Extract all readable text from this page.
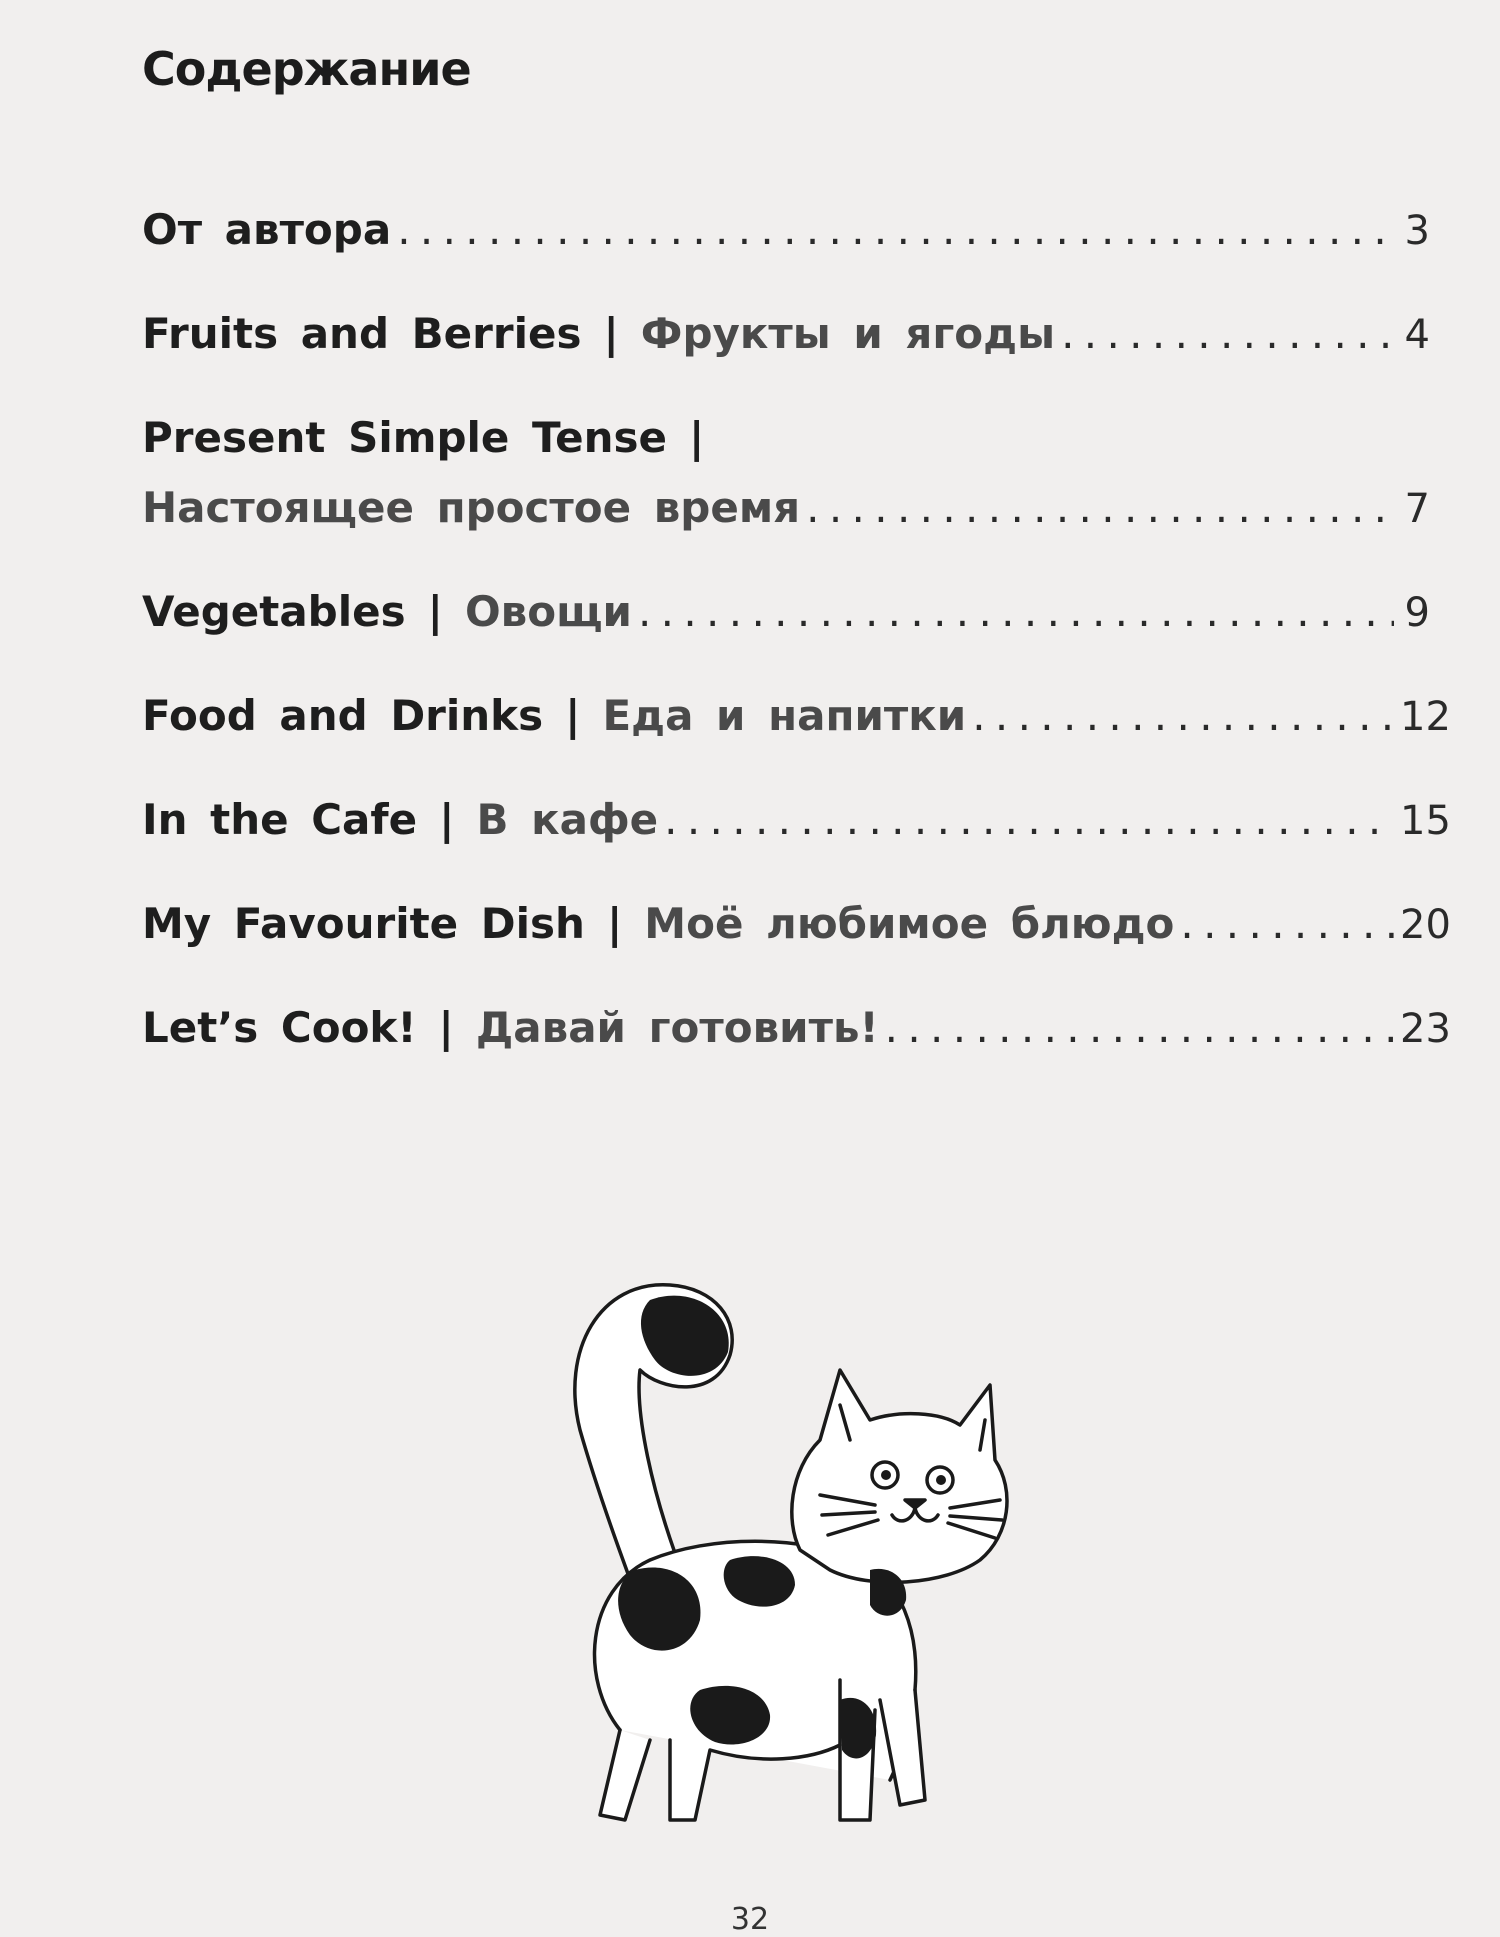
Содержание
От автора . . .	3
Fruits and Berries | Фрукты и ягоды . . .	4
Present Simple Tense |
Настоящее простое время . . .	7
Vegetables | Овощи . . .	9
Food and Drinks | Еда и напитки . . .	12
In the Cafe | В кафе . . .	15
My Favourite Dish | Моё любимое блюдо . . .	20
Let’s Cook! | Давай готовить! . . .	23
32
